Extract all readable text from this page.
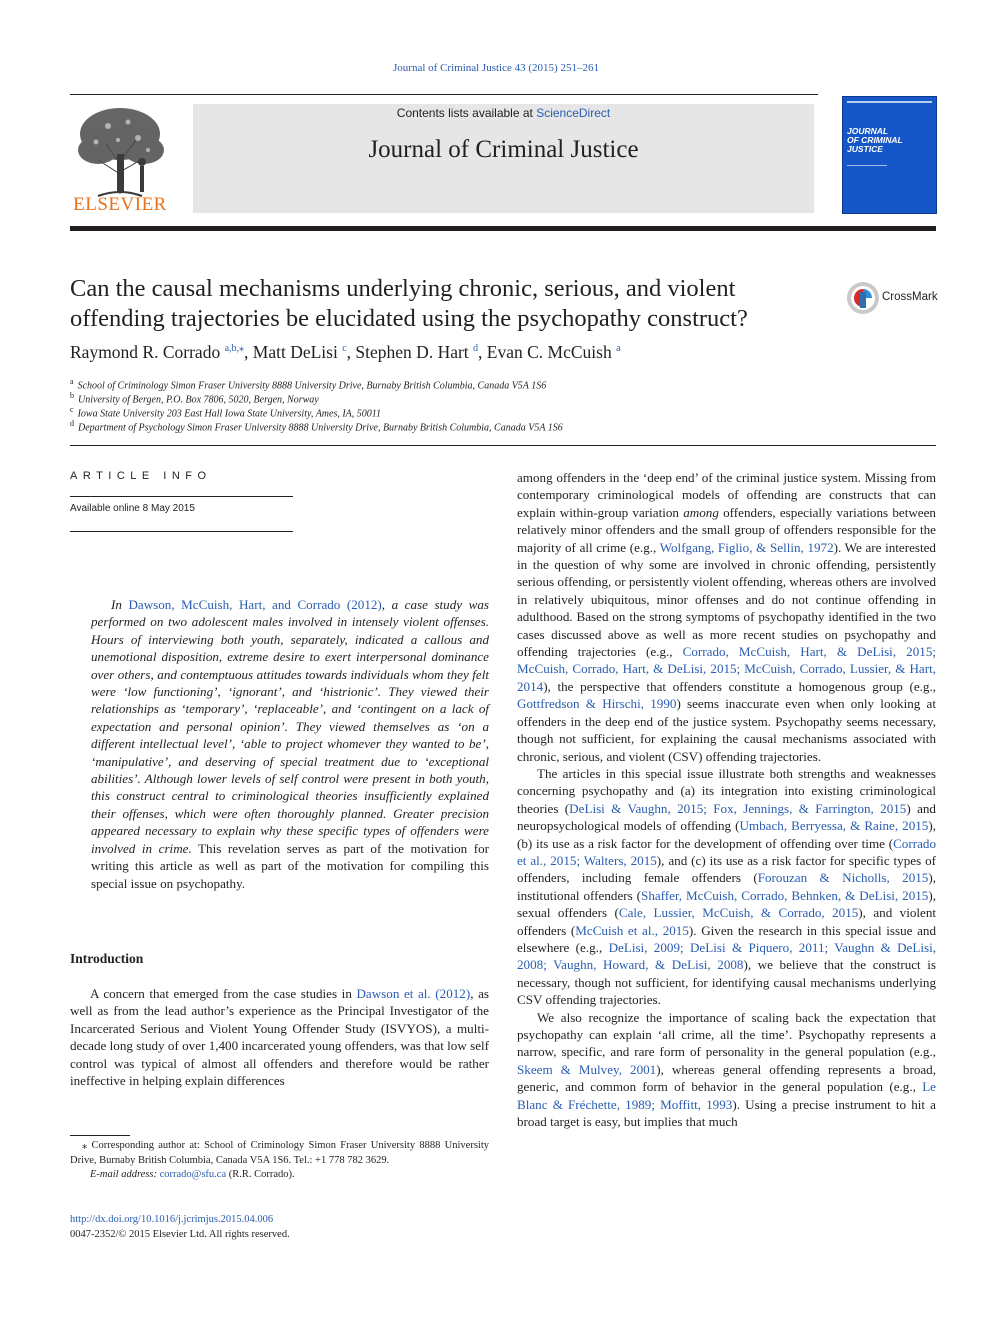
Journal of Criminal Justice 43 (2015) 251–261
ELSEVIER
Contents lists available at ScienceDirect
Journal of Criminal Justice
JOURNAL
OF CRIMINAL
JUSTICE
Can the causal mechanisms underlying chronic, serious, and violent
offending trajectories be elucidated using the psychopathy construct?
CrossMark
Raymond R. Corrado $^{a,b,⁎}$, Matt DeLisi $^c$, Stephen D. Hart $^d$, Evan C. McCuish $^a$
$^a$ School of Criminology Simon Fraser University 8888 University Drive, Burnaby British Columbia, Canada V5A 1S6
$^b$ University of Bergen, P.O. Box 7806, 5020, Bergen, Norway
$^c$ Iowa State University 203 East Hall Iowa State University, Ames, IA, 50011
$^d$ Department of Psychology Simon Fraser University 8888 University Drive, Burnaby British Columbia, Canada V5A 1S6
ARTICLE INFO
Available online 8 May 2015

In Dawson, McCuish, Hart, and Corrado (2012), a case study was performed on two adolescent males involved in intensely violent offenses. Hours of interviewing both youth, separately, indicated a callous and unemotional disposition, extreme desire to exert interpersonal dominance over others, and contemptuous attitudes towards individuals whom they felt were ‘low functioning’, ‘ignorant’, and ‘histrionic’. They viewed their relationships as ‘temporary’, ‘replaceable’, and ‘contingent on a lack of expectation and personal opinion’. They viewed themselves as ‘on a different intellectual level’, ‘able to project whomever they wanted to be’, ‘manipulative’, and deserving of special treatment due to ‘exceptional abilities’. Although lower levels of self control were present in both youth, this construct central to criminological theories insufficiently explained their offenses, which were often thoroughly planned. Greater precision appeared necessary to explain why these specific types of offenders were involved in crime. This revelation serves as part of the motivation for writing this article as well as part of the motivation for compiling this special issue on psychopathy.

Introduction

A concern that emerged from the case studies in Dawson et al. (2012), as well as from the lead author’s experience as the Principal Investigator of the Incarcerated Serious and Violent Young Offender Study (ISVYOS), a multi-decade long study of over 1,400 incarcerated young offenders, was that low self control was typical of almost all offenders and therefore would be rather ineffective in helping explain differences

among offenders in the ‘deep end’ of the criminal justice system. Missing from contemporary criminological models of offending are constructs that can explain within-group variation among offenders, especially variations between relatively minor offenders and the small group of offenders responsible for the majority of all crime (e.g., Wolfgang, Figlio, & Sellin, 1972). We are interested in the question of why some are involved in chronic offending, persistently serious offending, or persistently violent offending, whereas others are involved in relatively ubiquitous, minor offenses and do not continue offending in adulthood. Based on the strong symptoms of psychopathy identified in the two cases discussed above as well as more recent studies on psychopathy and offending trajectories (e.g., Corrado, McCuish, Hart, & DeLisi, 2015; McCuish, Corrado, Hart, & DeLisi, 2015; McCuish, Corrado, Lussier, & Hart, 2014), the perspective that offenders constitute a homogenous group (e.g., Gottfredson & Hirschi, 1990) seems inaccurate even when only looking at offenders in the deep end of the justice system. Psychopathy seems necessary, though not sufficient, for explaining the causal mechanisms associated with chronic, serious, and violent (CSV) offending trajectories.

The articles in this special issue illustrate both strengths and weaknesses concerning psychopathy and (a) its integration into existing criminological theories (DeLisi & Vaughn, 2015; Fox, Jennings, & Farrington, 2015) and neuropsychological models of offending (Umbach, Berryessa, & Raine, 2015), (b) its use as a risk factor for the development of offending over time (Corrado et al., 2015; Walters, 2015), and (c) its use as a risk factor for specific types of offenders, including female offenders (Forouzan & Nicholls, 2015), institutional offenders (Shaffer, McCuish, Corrado, Behnken, & DeLisi, 2015), sexual offenders (Cale, Lussier, McCuish, & Corrado, 2015), and violent offenders (McCuish et al., 2015). Given the research in this special issue and elsewhere (e.g., DeLisi, 2009; DeLisi & Piquero, 2011; Vaughn & DeLisi, 2008; Vaughn, Howard, & DeLisi, 2008), we believe that the construct is necessary, though not sufficient, for identifying causal mechanisms underlying CSV offending trajectories.

We also recognize the importance of scaling back the expectation that psychopathy can explain ‘all crime, all the time’. Psychopathy represents a narrow, specific, and rare form of personality in the general population (e.g., Skeem & Mulvey, 2001), whereas general offending represents a broad, generic, and common form of behavior in the general population (e.g., Le Blanc & Fréchette, 1989; Moffitt, 1993). Using a precise instrument to hit a broad target is easy, but implies that much

⁎ Corresponding author at: School of Criminology Simon Fraser University 8888 University Drive, Burnaby British Columbia, Canada V5A 1S6. Tel.: +1 778 782 3629.
E-mail address: corrado@sfu.ca (R.R. Corrado).
http://dx.doi.org/10.1016/j.jcrimjus.2015.04.006
0047-2352/© 2015 Elsevier Ltd. All rights reserved.
